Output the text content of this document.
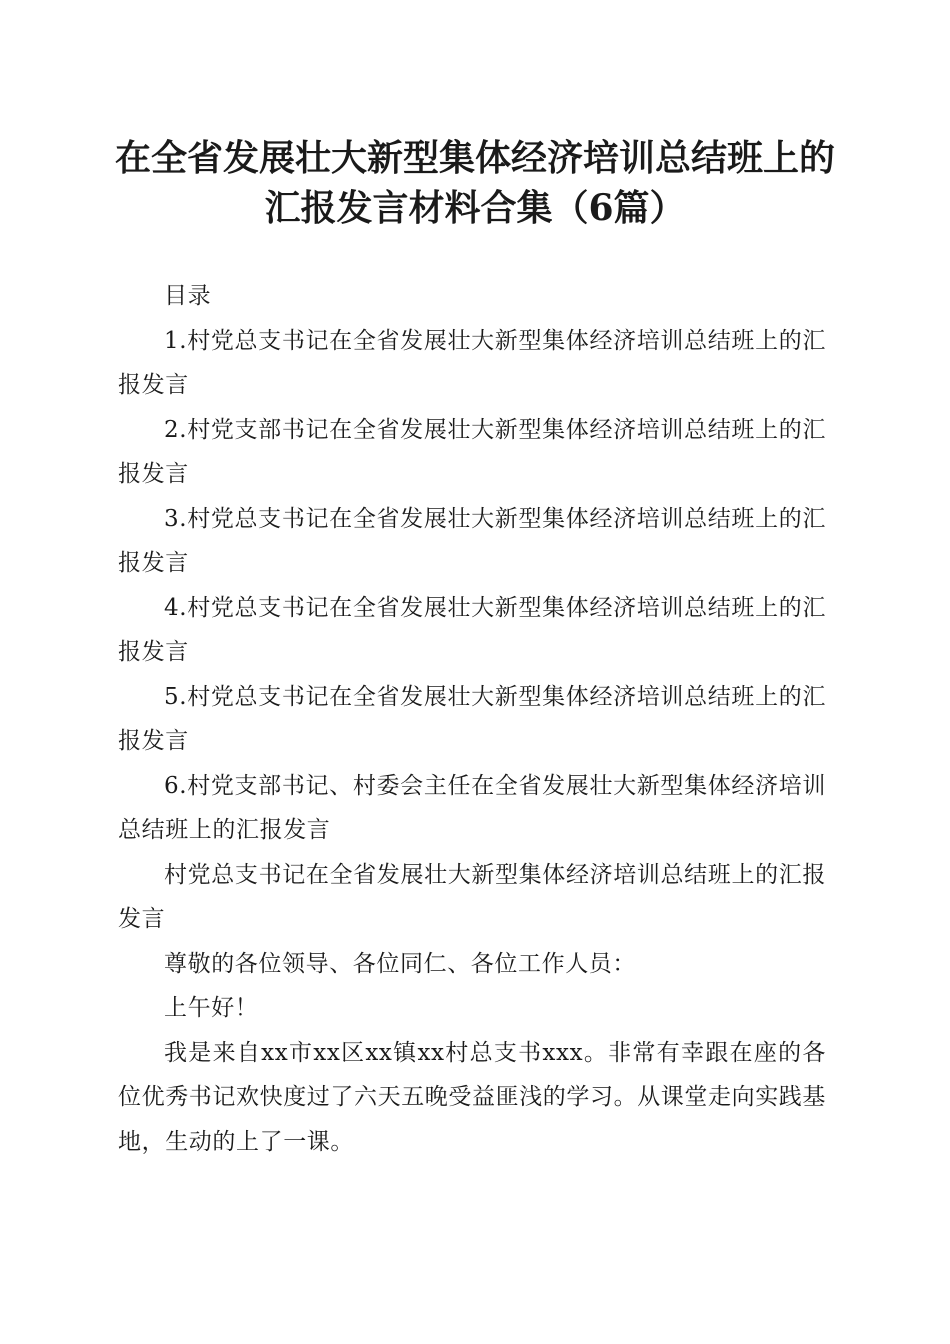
在全省发展壮大新型集体经济培训总结班上的
汇报发言材料合集（6篇）

目录

1.村党总支书记在全省发展壮大新型集体经济培训总结班上的汇报发言

2.村党支部书记在全省发展壮大新型集体经济培训总结班上的汇报发言

3.村党总支书记在全省发展壮大新型集体经济培训总结班上的汇报发言

4.村党总支书记在全省发展壮大新型集体经济培训总结班上的汇报发言

5.村党总支书记在全省发展壮大新型集体经济培训总结班上的汇报发言

6.村党支部书记、村委会主任在全省发展壮大新型集体经济培训总结班上的汇报发言

村党总支书记在全省发展壮大新型集体经济培训总结班上的汇报发言

尊敬的各位领导、各位同仁、各位工作人员：

上午好！

我是来自xx市xx区xx镇xx村总支书xxx。非常有幸跟在座的各位优秀书记欢快度过了六天五晚受益匪浅的学习。从课堂走向实践基地，生动的上了一课。
